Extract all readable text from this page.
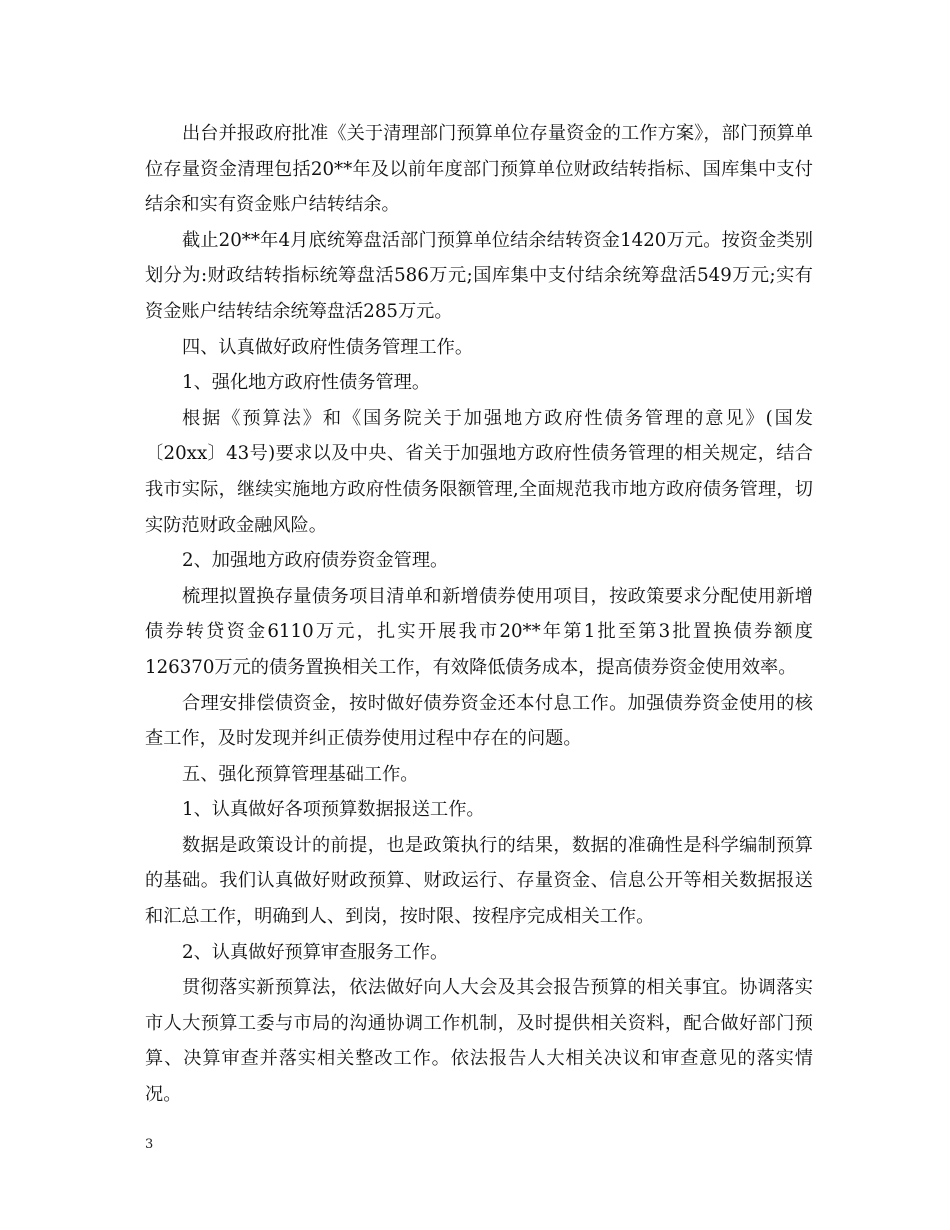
出台并报政府批准《关于清理部门预算单位存量资金的工作方案》，部门预算单位存量资金清理包括20**年及以前年度部门预算单位财政结转指标、国库集中支付结余和实有资金账户结转结余。

截止20**年4月底统筹盘活部门预算单位结余结转资金1420万元。按资金类别划分为:财政结转指标统筹盘活586万元;国库集中支付结余统筹盘活549万元;实有资金账户结转结余统筹盘活285万元。

四、认真做好政府性债务管理工作。

1、强化地方政府性债务管理。

根据《预算法》和《国务院关于加强地方政府性债务管理的意见》(国发〔20xx〕43号)要求以及中央、省关于加强地方政府性债务管理的相关规定，结合我市实际，继续实施地方政府性债务限额管理,全面规范我市地方政府债务管理，切实防范财政金融风险。

2、加强地方政府债券资金管理。

梳理拟置换存量债务项目清单和新增债券使用项目，按政策要求分配使用新增债券转贷资金6110万元，扎实开展我市20**年第1批至第3批置换债券额度126370万元的债务置换相关工作，有效降低债务成本，提高债券资金使用效率。

合理安排偿债资金，按时做好债券资金还本付息工作。加强债券资金使用的核查工作，及时发现并纠正债券使用过程中存在的问题。

五、强化预算管理基础工作。

1、认真做好各项预算数据报送工作。

数据是政策设计的前提，也是政策执行的结果，数据的准确性是科学编制预算的基础。我们认真做好财政预算、财政运行、存量资金、信息公开等相关数据报送和汇总工作，明确到人、到岗，按时限、按程序完成相关工作。

2、认真做好预算审查服务工作。

贯彻落实新预算法，依法做好向人大会及其会报告预算的相关事宜。协调落实市人大预算工委与市局的沟通协调工作机制，及时提供相关资料，配合做好部门预算、决算审查并落实相关整改工作。依法报告人大相关决议和审查意见的落实情况。

3
